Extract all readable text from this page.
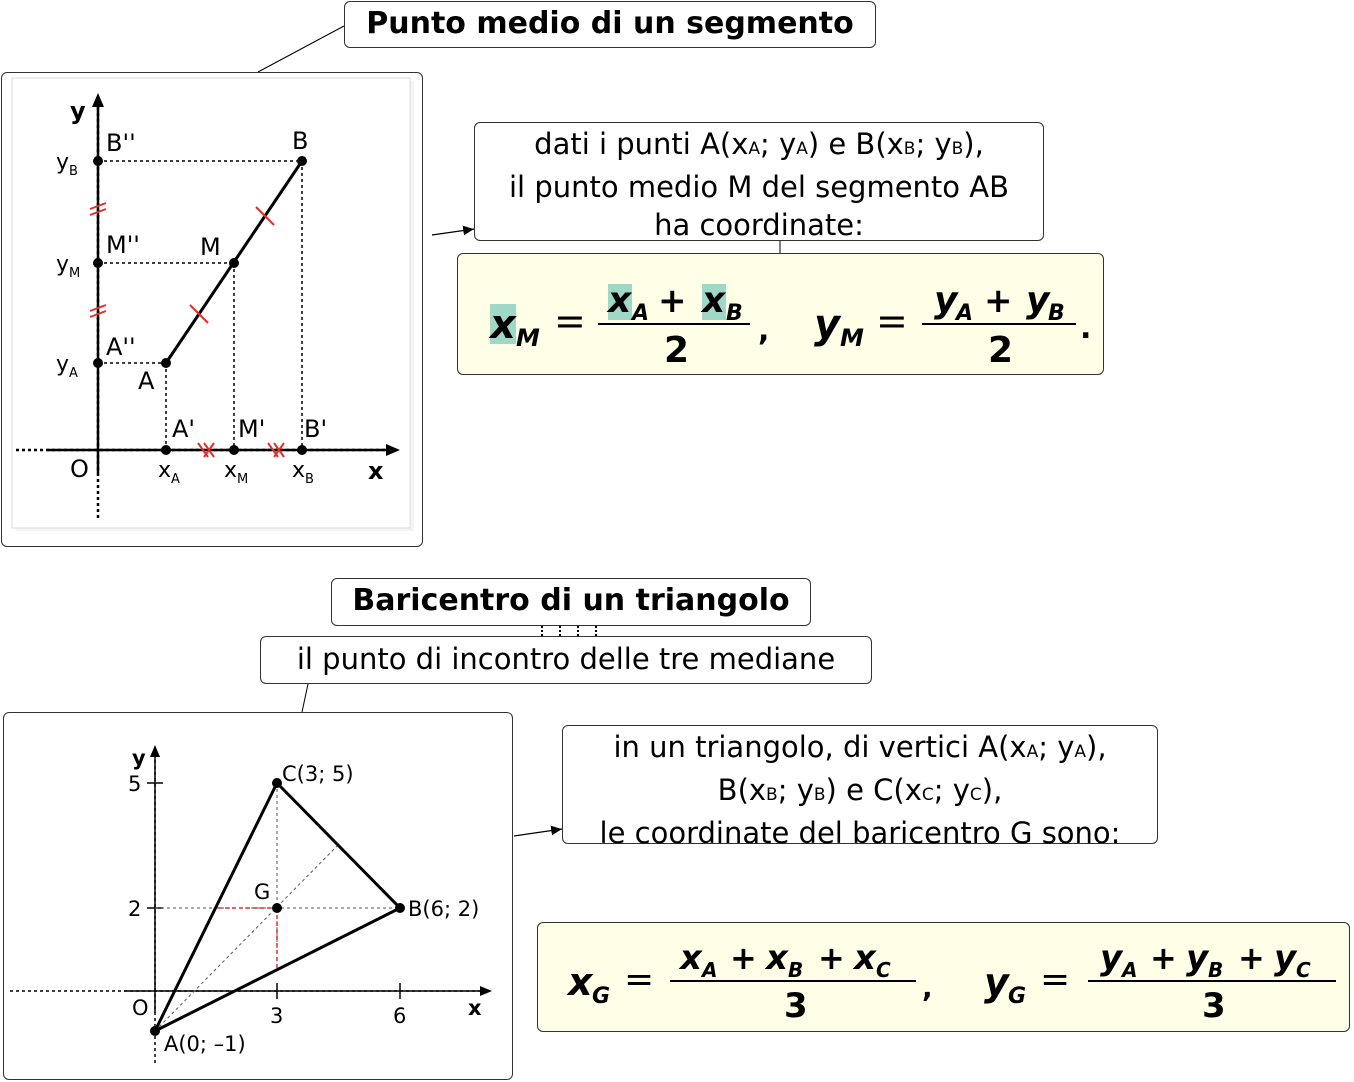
Punto medio di un segmento
y
x
O
B
M
A
B''
M''
A''
A' M' B'
$y_B$
$y_M$
$y_A$
$x_A$ $x_M$ $x_B$
dati i punti A(xA; yA) e B(xB; yB),
il punto medio M del segmento AB
ha coordinate:
x M = x A + x B
2 , y M = y
A + y
B
2
.
Baricentro di un triangolo
il punto di incontro delle tre mediane
y
x
O
5
2
3	6
C(3; 5)
B(6; 2)
A(0; –1)
G
in un triangolo, di vertici A(xA; yA),
B(xB; yB) e C(xC; yC),
le coordinate del baricentro G sono:
x G =
x A + x B + x C
3	, y G =
y A + y B + y C
3
